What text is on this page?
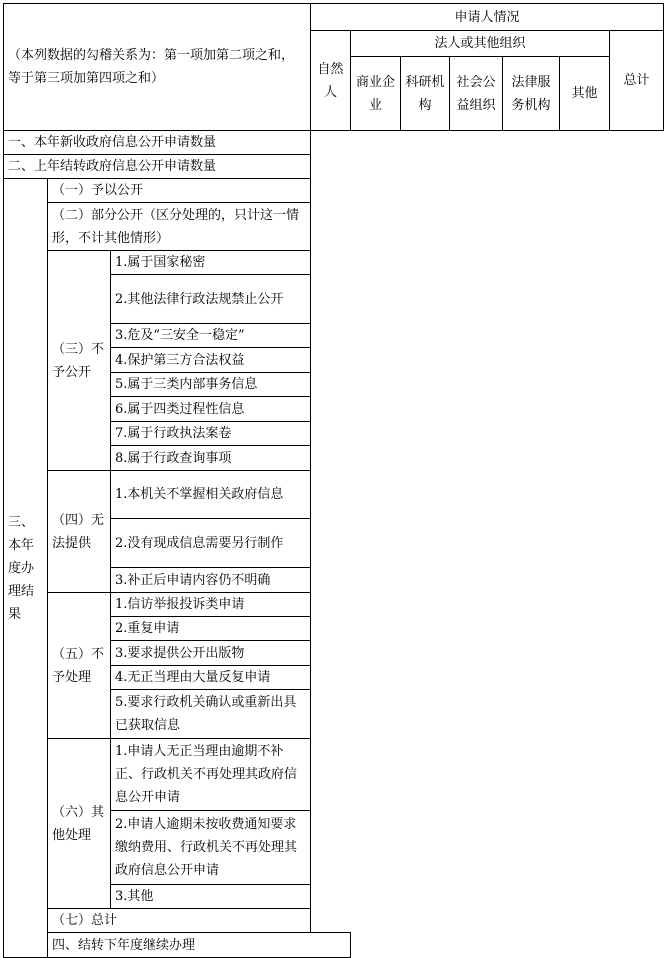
（本列数据的勾稽关系为：第一项加第二项之和，等于第三项加第四项之和）			申请人情况						
			自然人	法人或其他组织					总计
				商业企业	科研机构	社会公益组织	法律服务机构	其他	
一、本年新收政府信息公开申请数量									
二、上年结转政府信息公开申请数量									
三、本年度办理结果	（一）予以公开								
	（二）部分公开（区分处理的，只计这一情形，不计其他情形）								
	（三）不予公开	1.属于国家秘密							
		2.其他法律行政法规禁止公开							
		3.危及“三安全一稳定”							
		4.保护第三方合法权益							
		5.属于三类内部事务信息							
		6.属于四类过程性信息							
		7.属于行政执法案卷							
		8.属于行政查询事项							
	（四）无法提供	1.本机关不掌握相关政府信息							
		2.没有现成信息需要另行制作							
		3.补正后申请内容仍不明确							
	（五）不予处理	1.信访举报投诉类申请							
		2.重复申请							
		3.要求提供公开出版物							
		4.无正当理由大量反复申请							
		5.要求行政机关确认或重新出具已获取信息							
	（六）其他处理	1.申请人无正当理由逾期不补正、行政机关不再处理其政府信息公开申请							
		2.申请人逾期未按收费通知要求缴纳费用、行政机关不再处理其政府信息公开申请							
		3.其他							
	（七）总计								
	四、结转下年度继续办理								
